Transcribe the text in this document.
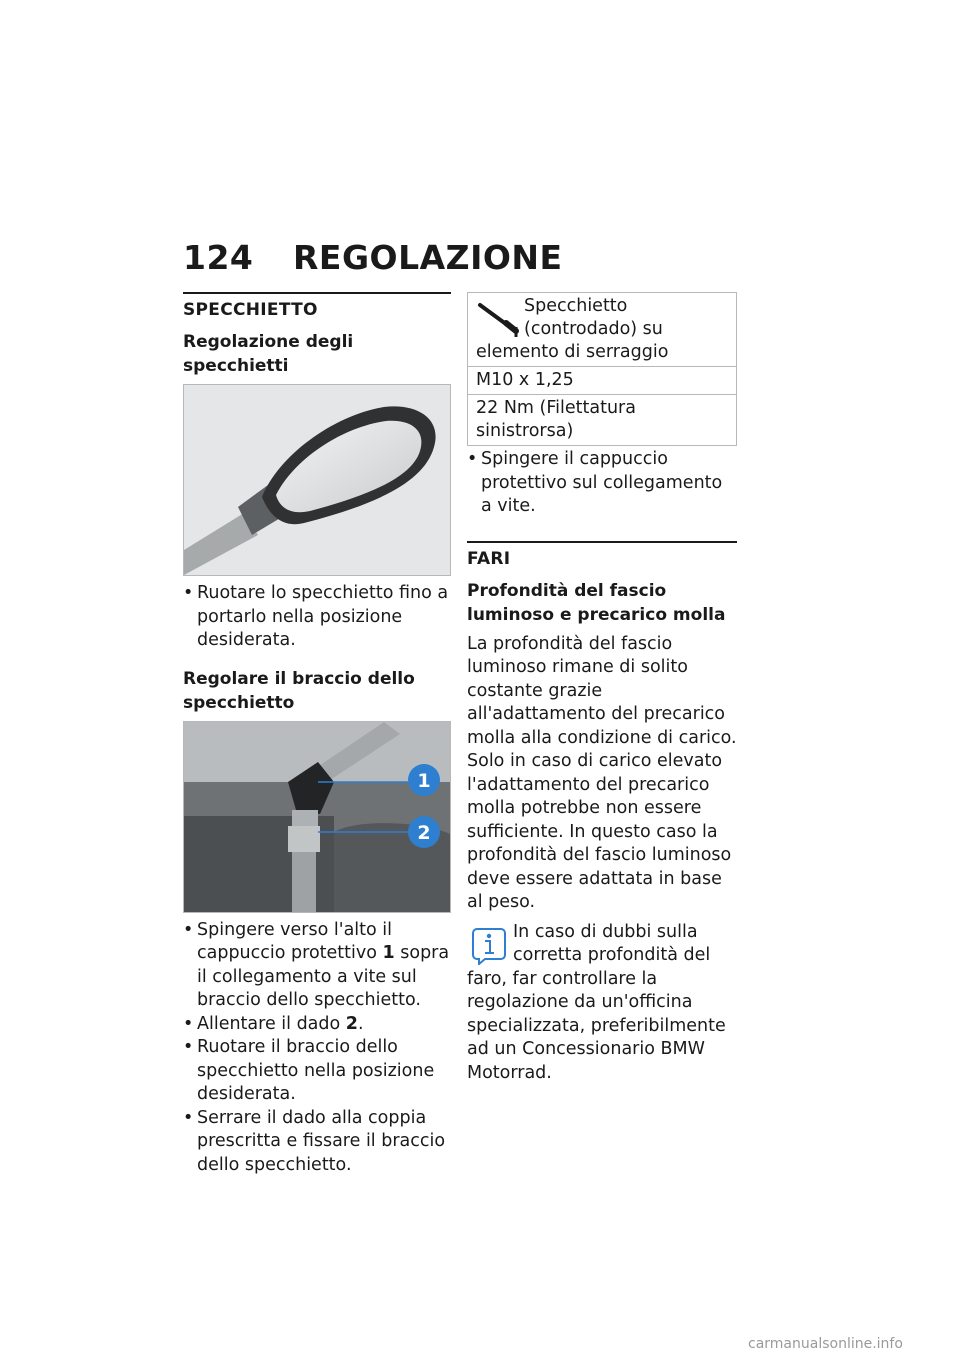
124 REGOLAZIONE
SPECCHIETTO
Regolazione degli specchietti
• Ruotare lo specchietto fino a portarlo nella posizione desiderata.
Regolare il braccio dello specchietto
1
2
• Spingere verso l'alto il cappuccio protettivo 1 sopra il collegamento a vite sul braccio dello specchietto.
• Allentare il dado 2.
• Ruotare il braccio dello specchietto nella posizione desiderata.
• Serrare il dado alla coppia prescritta e fissare il braccio dello specchietto.
Specchietto (controdado) su elemento di serraggio
M10 x 1,25
22 Nm (Filettatura sinistrorsa)
• Spingere il cappuccio protettivo sul collegamento a vite.
FARI
Profondità del fascio luminoso e precarico molla

La profondità del fascio luminoso rimane di solito costante grazie all'adattamento del precarico molla alla condizione di carico.

Solo in caso di carico elevato l'adattamento del precarico molla potrebbe non essere sufficiente. In questo caso la profondità del fascio luminoso deve essere adattata in base al peso.

In caso di dubbi sulla corretta profondità del faro, far controllare la regolazione da un'officina specializzata, preferibilmente ad un Concessionario BMW Motorrad.

carmanualsonline.info
